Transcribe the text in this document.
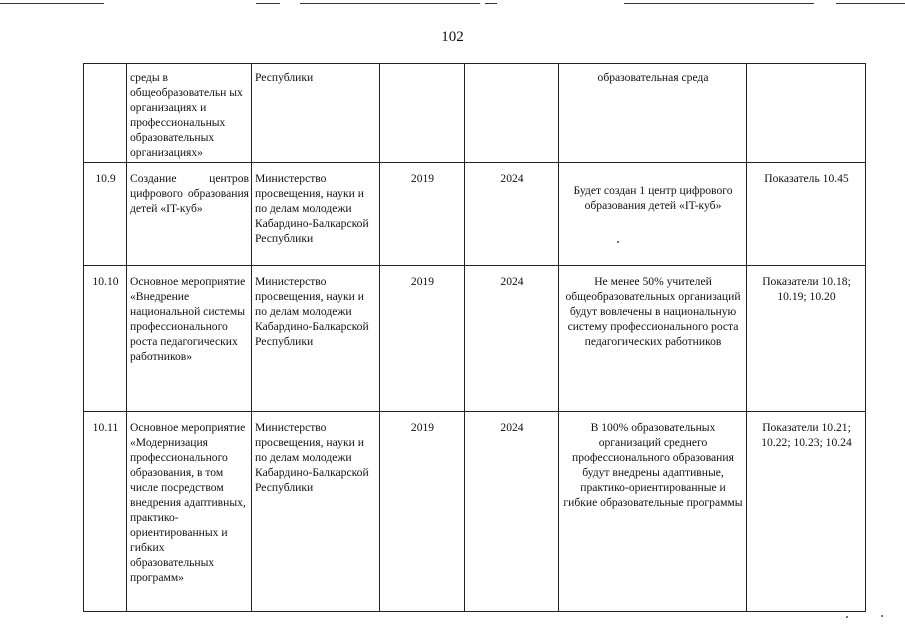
102
	среды в общеобразовательн ых организациях и профессиональных образовательных организациях»	Республики			образовательная среда	
10.9	Создание центров цифрового образования детей «IT-куб»	Министерство просвещения, науки и по делам молодежи Кабардино-Балкарской Республики	2019	2024	Будет создан 1 центр цифрового образования детей «IT-куб»	Показатель 10.45
10.10	Основное мероприятие «Внедрение национальной системы профессионального роста педагогических работников»	Министерство просвещения, науки и по делам молодежи Кабардино-Балкарской Республики	2019	2024	Не менее 50% учителей общеобразовательных организаций будут вовлечены в национальную систему профессионального роста педагогических работников	Показатели 10.18; 10.19; 10.20
10.11	Основное мероприятие «Модернизация профессионального образования, в том числе посредством внедрения адаптивных, практико-ориентированных и гибких образовательных программ»	Министерство просвещения, науки и по делам молодежи Кабардино-Балкарской Республики	2019	2024	В 100% образовательных организаций среднего профессионального образования будут внедрены адаптивные, практико-ориентированные и гибкие образовательные программы	Показатели 10.21; 10.22; 10.23; 10.24
